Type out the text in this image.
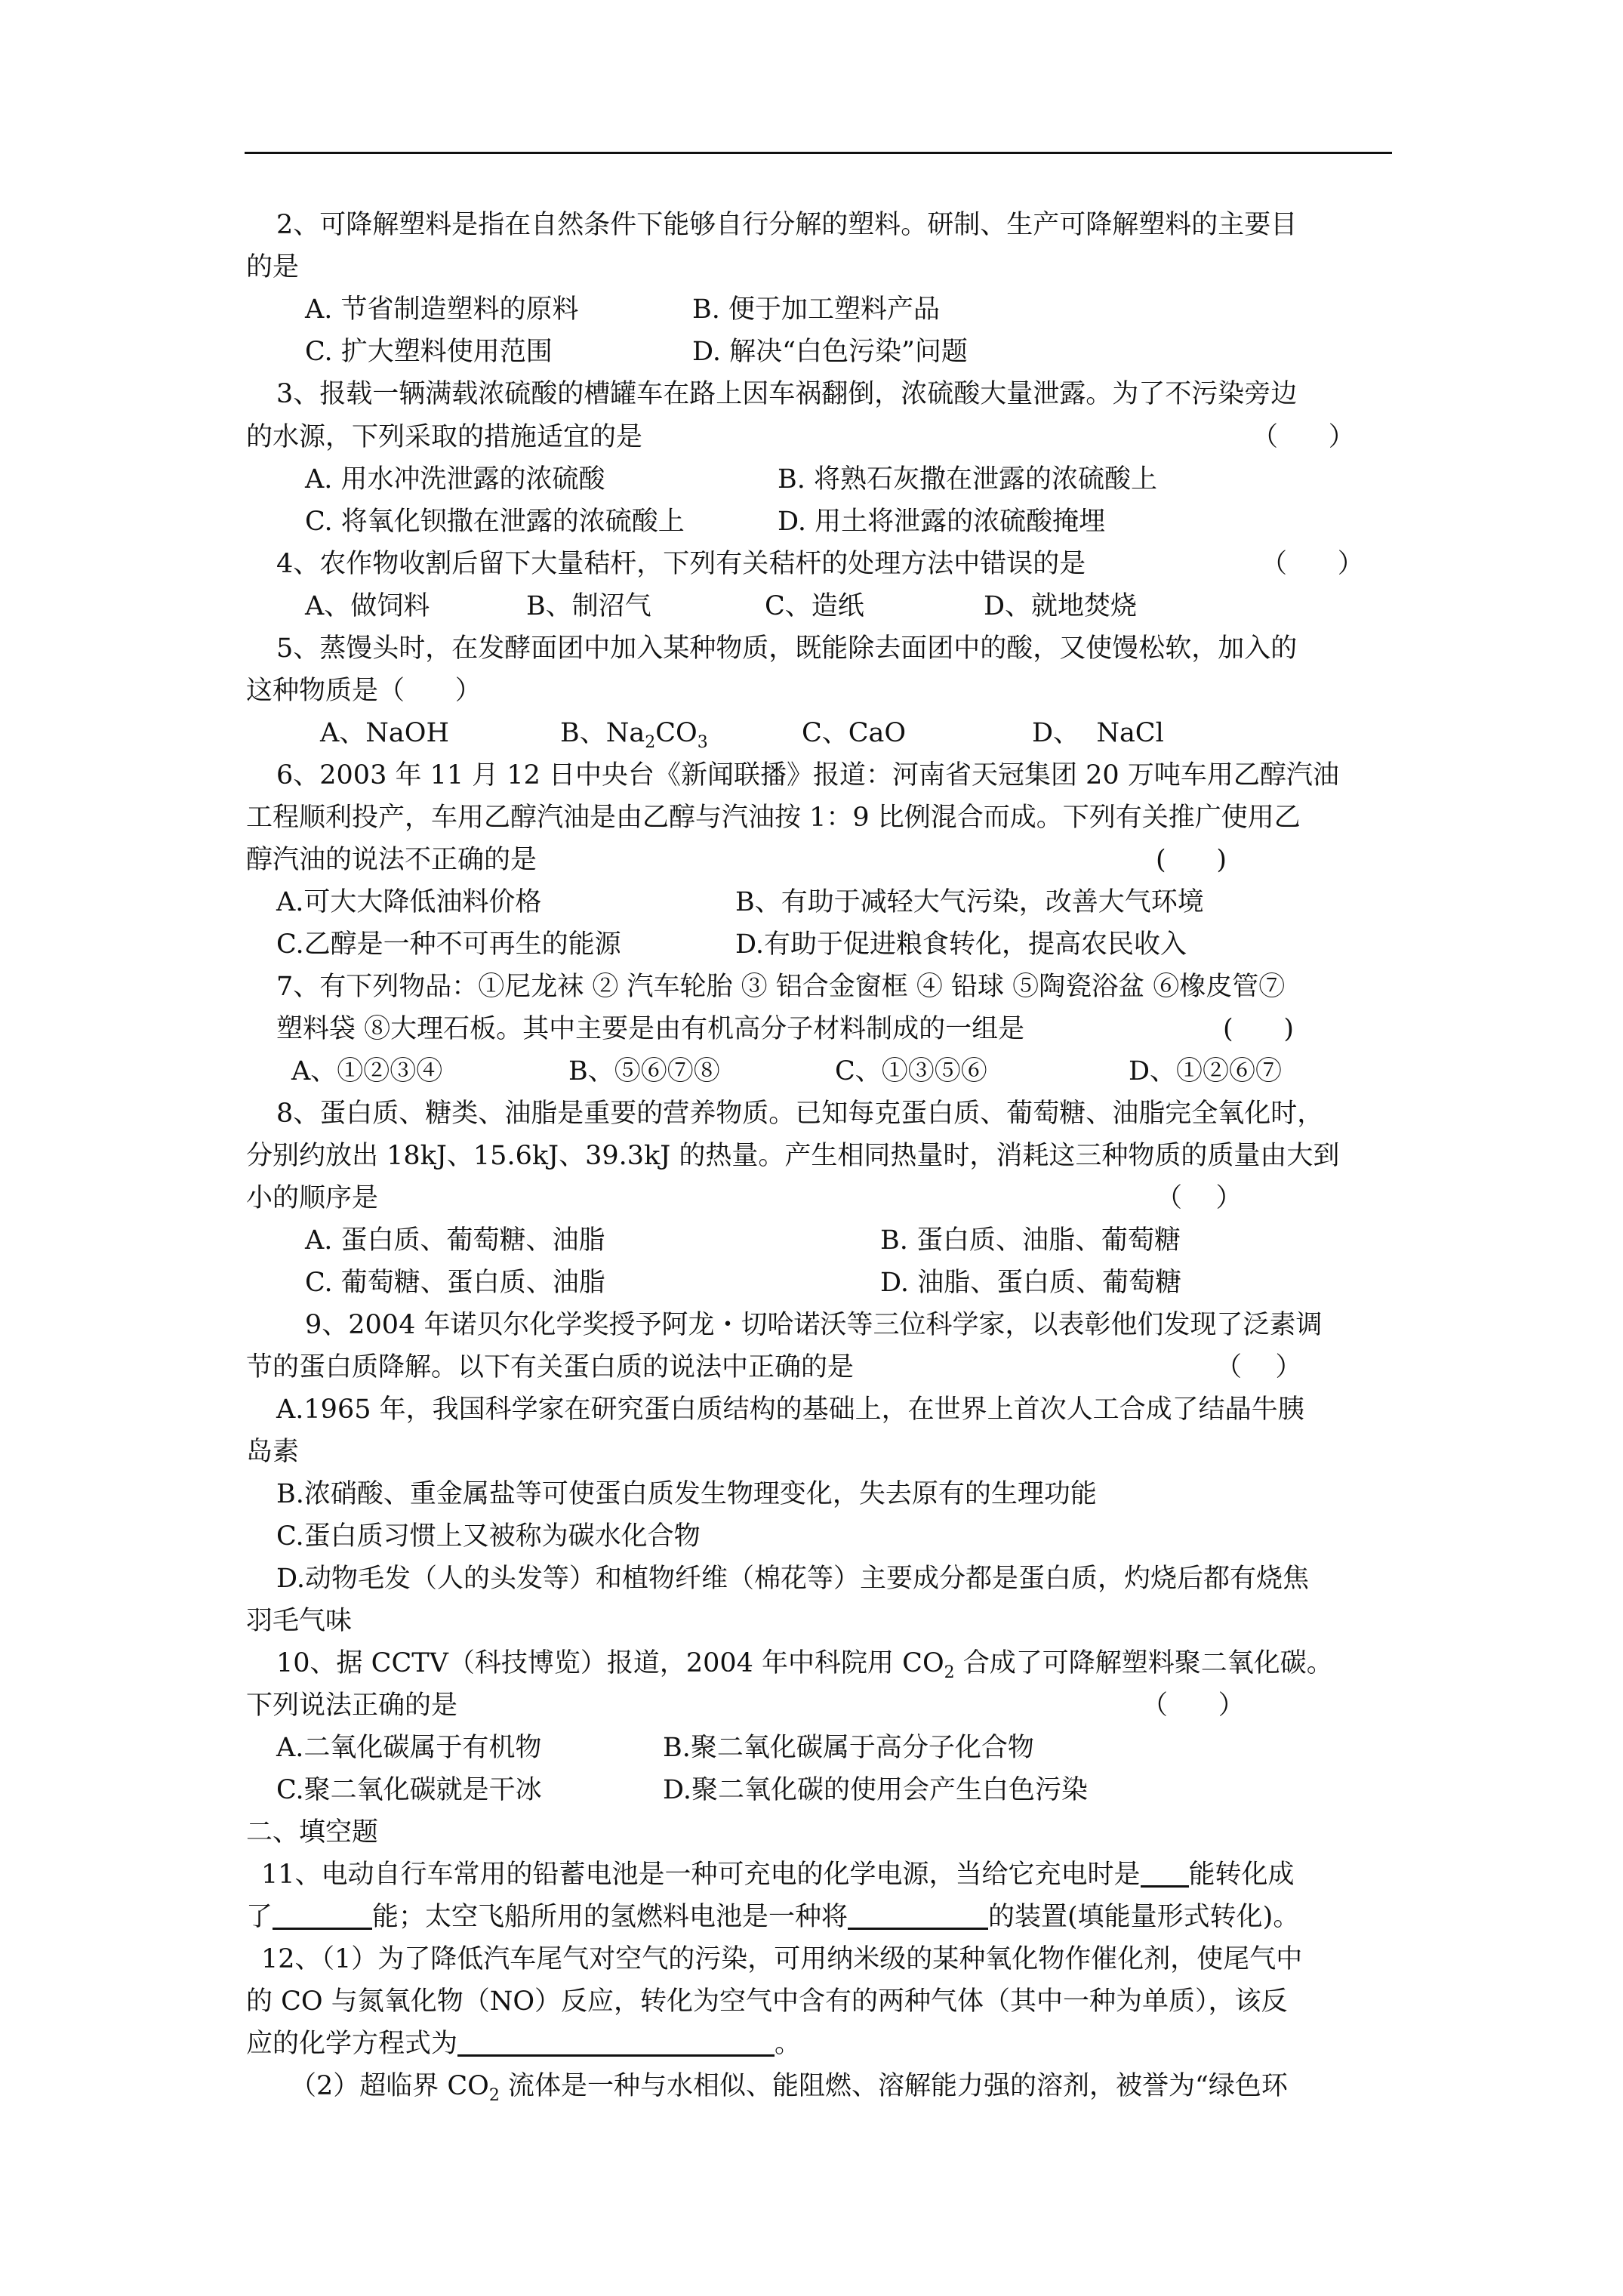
2、可降解塑料是指在自然条件下能够自行分解的塑料。研制、生产可降解塑料的主要目
的是
A. 节省制造塑料的原料	B. 便于加工塑料产品
C. 扩大塑料使用范围	D. 解决“白色污染”问题
3、报载一辆满载浓硫酸的槽罐车在路上因车祸翻倒，浓硫酸大量泄露。为了不污染旁边
的水源，下列采取的措施适宜的是	（      ）
A. 用水冲洗泄露的浓硫酸	B. 将熟石灰撒在泄露的浓硫酸上
C. 将氧化钡撒在泄露的浓硫酸上	D. 用土将泄露的浓硫酸掩埋
4、农作物收割后留下大量秸杆，下列有关秸杆的处理方法中错误的是	（      ）
A、做饲料	B、制沼气	C、造纸	D、就地焚烧
5、蒸馒头时，在发酵面团中加入某种物质，既能除去面团中的酸，又使馒松软，加入的
这种物质是（      ）
A、NaOH	B、$Na_2CO_3$	C、CaO	D、  NaCl
6、2003 年 11 月 12 日中央台《新闻联播》报道：河南省天冠集团 20 万吨车用乙醇汽油
工程顺利投产，车用乙醇汽油是由乙醇与汽油按 1：9 比例混合而成。下列有关推广使用乙
醇汽油的说法不正确的是	(      )
A.可大大降低油料价格	B、有助于减轻大气污染，改善大气环境
C.乙醇是一种不可再生的能源	D.有助于促进粮食转化，提高农民收入
7、有下列物品：①尼龙袜 ② 汽车轮胎 ③ 铝合金窗框 ④ 铅球 ⑤陶瓷浴盆 ⑥橡皮管⑦
塑料袋 ⑧大理石板。其中主要是由有机高分子材料制成的一组是	(      )
A、①②③④	B、⑤⑥⑦⑧	C、①③⑤⑥	D、①②⑥⑦
8、蛋白质、糖类、油脂是重要的营养物质。已知每克蛋白质、葡萄糖、油脂完全氧化时，
分别约放出 18kJ、15.6kJ、39.3kJ 的热量。产生相同热量时，消耗这三种物质的质量由大到
小的顺序是	（    ）
A. 蛋白质、葡萄糖、油脂	B. 蛋白质、油脂、葡萄糖
C. 葡萄糖、蛋白质、油脂	D. 油脂、蛋白质、葡萄糖
9、2004 年诺贝尔化学奖授予阿龙・切哈诺沃等三位科学家，以表彰他们发现了泛素调
节的蛋白质降解。以下有关蛋白质的说法中正确的是	（    ）
A.1965 年，我国科学家在研究蛋白质结构的基础上，在世界上首次人工合成了结晶牛胰
岛素
B.浓硝酸、重金属盐等可使蛋白质发生物理变化，失去原有的生理功能
C.蛋白质习惯上又被称为碳水化合物
D.动物毛发（人的头发等）和植物纤维（棉花等）主要成分都是蛋白质，灼烧后都有烧焦
羽毛气味
10、据 CCTV（科技博览）报道，2004 年中科院用 $CO_2$ 合成了可降解塑料聚二氧化碳。
下列说法正确的是	（      ）
A.二氧化碳属于有机物	B.聚二氧化碳属于高分子化合物
C.聚二氧化碳就是干冰	D.聚二氧化碳的使用会产生白色污染
二、填空题
11、电动自行车常用的铅蓄电池是一种可充电的化学电源，当给它充电时是 能转化成
了	能；太空飞船所用的氢燃料电池是一种将	的装置(填能量形式转化)。
12、（1）为了降低汽车尾气对空气的污染，可用纳米级的某种氧化物作催化剂，使尾气中
的 CO 与氮氧化物（NO）反应，转化为空气中含有的两种气体（其中一种为单质），该反
应的化学方程式为	。
（2）超临界 $CO_2$ 流体是一种与水相似、能阻燃、溶解能力强的溶剂，被誉为“绿色环
